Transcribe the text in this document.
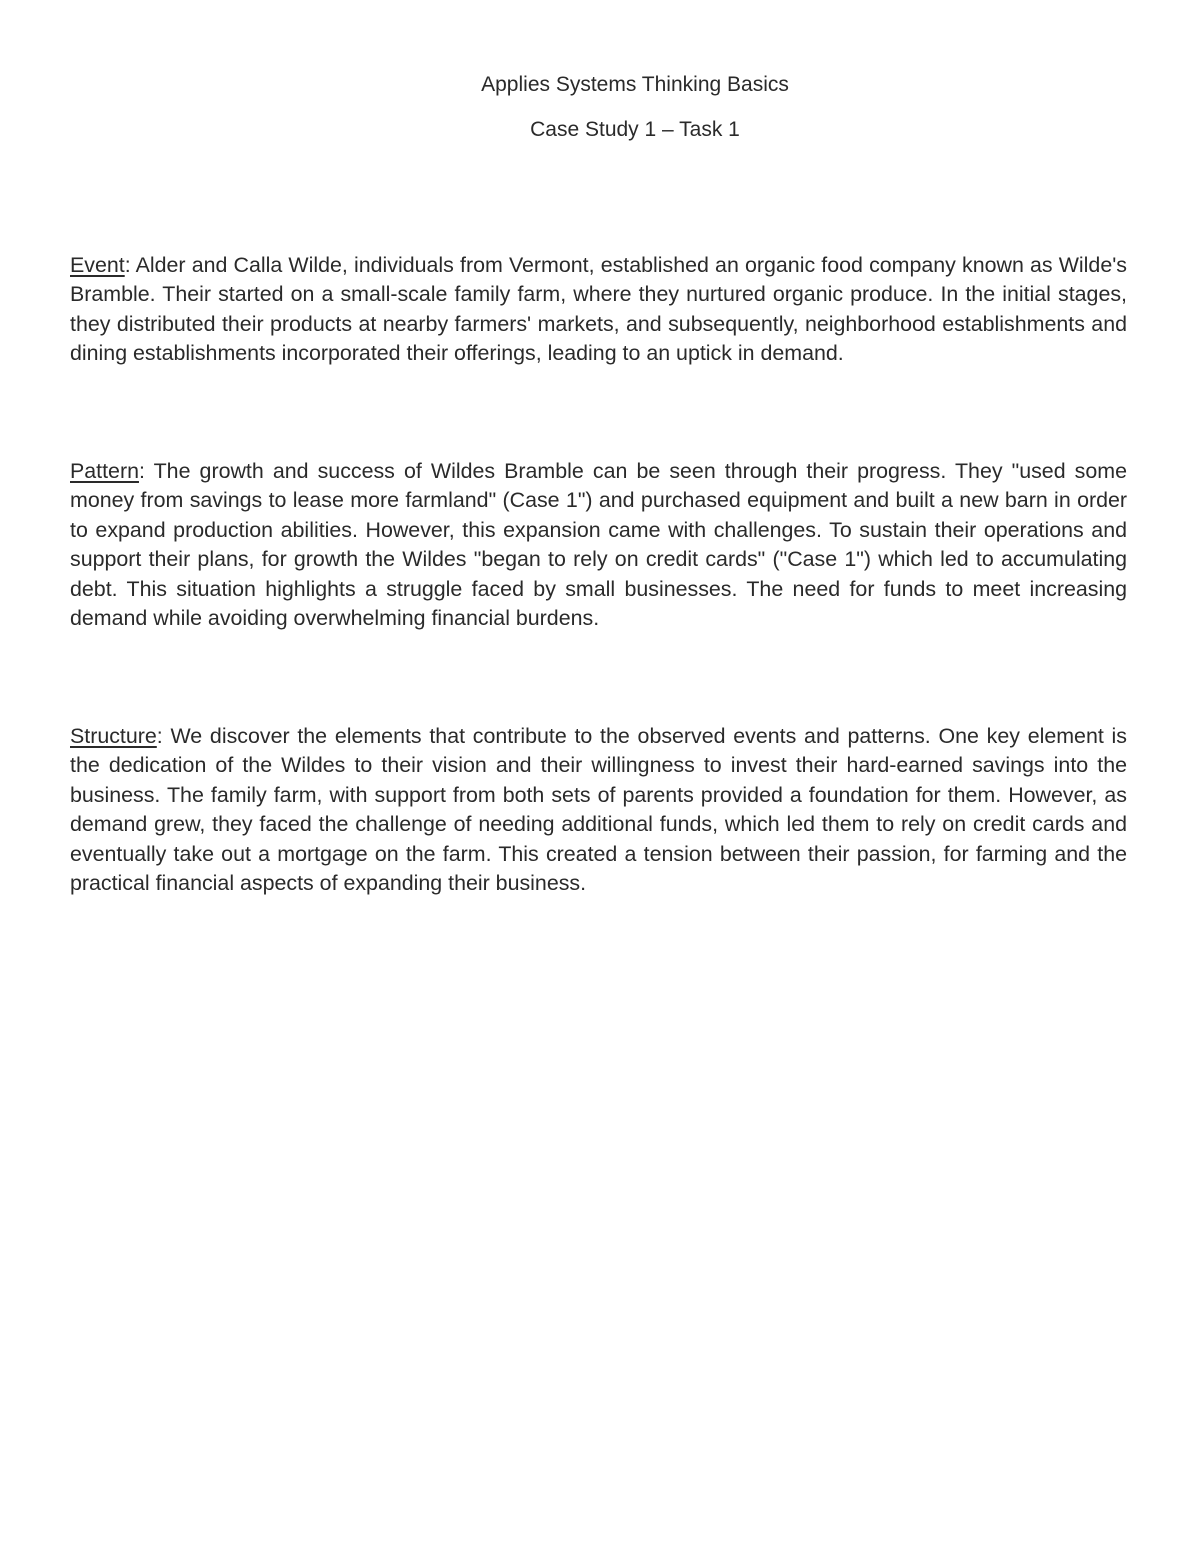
Applies Systems Thinking Basics

Case Study 1 – Task 1

Event: Alder and Calla Wilde, individuals from Vermont, established an organic food company known as Wilde's Bramble. Their started on a small-scale family farm, where they nurtured organic produce. In the initial stages, they distributed their products at nearby farmers' markets, and subsequently, neighborhood establishments and dining establishments incorporated their offerings, leading to an uptick in demand.

Pattern: The growth and success of Wildes Bramble can be seen through their progress. They "used some money from savings to lease more farmland" (Case 1") and purchased equipment and built a new barn in order to expand production abilities. However, this expansion came with challenges. To sustain their operations and support their plans, for growth the Wildes "began to rely on credit cards" ("Case 1") which led to accumulating debt. This situation highlights a struggle faced by small businesses. The need for funds to meet increasing demand while avoiding overwhelming financial burdens.

Structure: We discover the elements that contribute to the observed events and patterns. One key element is the dedication of the Wildes to their vision and their willingness to invest their hard-earned savings into the business. The family farm, with support from both sets of parents provided a foundation for them. However, as demand grew, they faced the challenge of needing additional funds, which led them to rely on credit cards and eventually take out a mortgage on the farm. This created a tension between their passion, for farming and the practical financial aspects of expanding their business.
